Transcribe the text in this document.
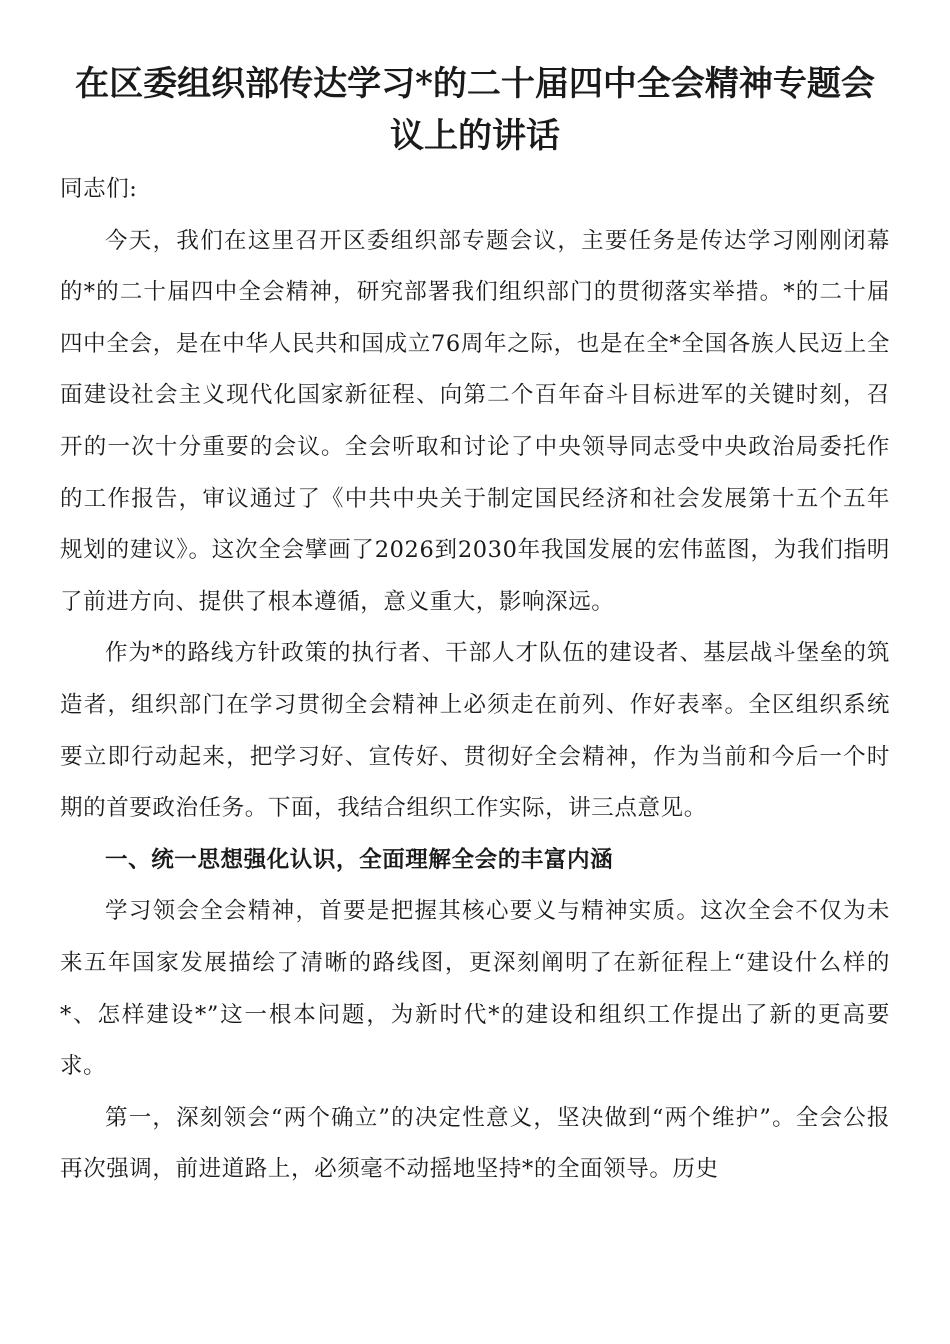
在区委组织部传达学习*的二十届四中全会精神专题会议上的讲话

同志们:

今天，我们在这里召开区委组织部专题会议，主要任务是传达学习刚刚闭幕的*的二十届四中全会精神，研究部署我们组织部门的贯彻落实举措。*的二十届四中全会，是在中华人民共和国成立76周年之际，也是在全*全国各族人民迈上全面建设社会主义现代化国家新征程、向第二个百年奋斗目标进军的关键时刻，召开的一次十分重要的会议。全会听取和讨论了中央领导同志受中央政治局委托作的工作报告，审议通过了《中共中央关于制定国民经济和社会发展第十五个五年规划的建议》。这次全会擘画了2026到2030年我国发展的宏伟蓝图，为我们指明了前进方向、提供了根本遵循，意义重大，影响深远。

作为*的路线方针政策的执行者、干部人才队伍的建设者、基层战斗堡垒的筑造者，组织部门在学习贯彻全会精神上必须走在前列、作好表率。全区组织系统要立即行动起来，把学习好、宣传好、贯彻好全会精神，作为当前和今后一个时期的首要政治任务。下面，我结合组织工作实际，讲三点意见。

一、统一思想强化认识，全面理解全会的丰富内涵

学习领会全会精神，首要是把握其核心要义与精神实质。这次全会不仅为未来五年国家发展描绘了清晰的路线图，更深刻阐明了在新征程上“建设什么样的*、怎样建设*”这一根本问题，为新时代*的建设和组织工作提出了新的更高要求。

第一，深刻领会“两个确立”的决定性意义，坚决做到“两个维护”。全会公报再次强调，前进道路上，必须毫不动摇地坚持*的全面领导。历史
